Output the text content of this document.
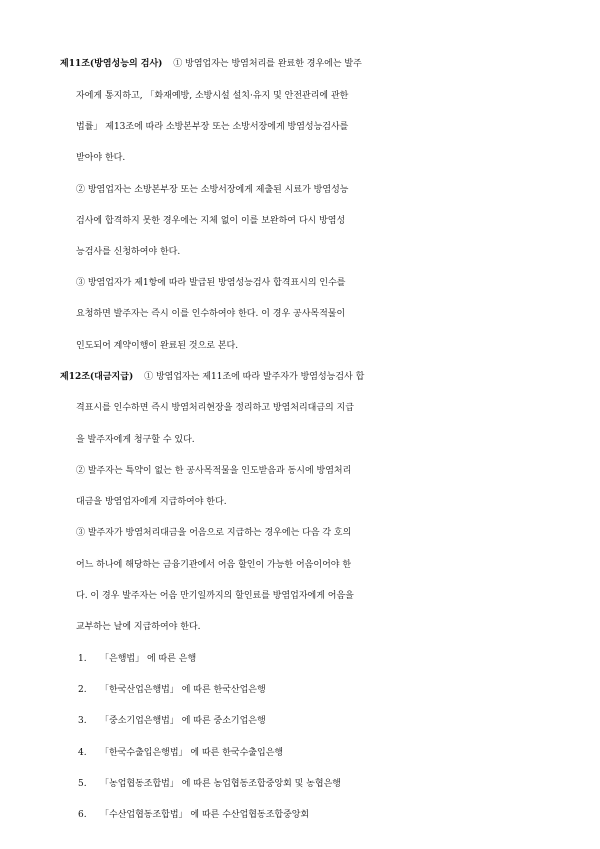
제11조(방염성능의 검사) ① 방염업자는 방염처리를 완료한 경우에는 발주
자에게 통지하고, 「화재예방, 소방시설 설치·유지 및 안전관리에 관한
법률」 제13조에 따라 소방본부장 또는 소방서장에게 방염성능검사를
받아야 한다.
② 방염업자는 소방본부장 또는 소방서장에게 제출된 시료가 방염성능
검사에 합격하지 못한 경우에는 지체 없이 이를 보완하여 다시 방염성
능검사를 신청하여야 한다.
③ 방염업자가 제1항에 따라 발급된 방염성능검사 합격표시의 인수를
요청하면 발주자는 즉시 이를 인수하여야 한다. 이 경우 공사목적물이
인도되어 계약이행이 완료된 것으로 본다.
제12조(대금지급) ① 방염업자는 제11조에 따라 발주자가 방염성능검사 합
격표시를 인수하면 즉시 방염처리현장을 정리하고 방염처리대금의 지급
을 발주자에게 청구할 수 있다.
② 발주자는 특약이 없는 한 공사목적물을 인도받음과 동시에 방염처리
대금을 방염업자에게 지급하여야 한다.
③ 발주자가 방염처리대금을 어음으로 지급하는 경우에는 다음 각 호의
어느 하나에 해당하는 금융기관에서 어음 할인이 가능한 어음이어야 한
다. 이 경우 발주자는 어음 만기일까지의 할인료를 방염업자에게 어음을
교부하는 날에 지급하여야 한다.
1. 「은행법」 에 따른 은행
2. 「한국산업은행법」 에 따른 한국산업은행
3. 「중소기업은행법」 에 따른 중소기업은행
4. 「한국수출입은행법」 에 따른 한국수출입은행
5. 「농업협동조합법」 에 따른 농업협동조합중앙회 및 농협은행
6. 「수산업협동조합법」 에 따른 수산업협동조합중앙회
